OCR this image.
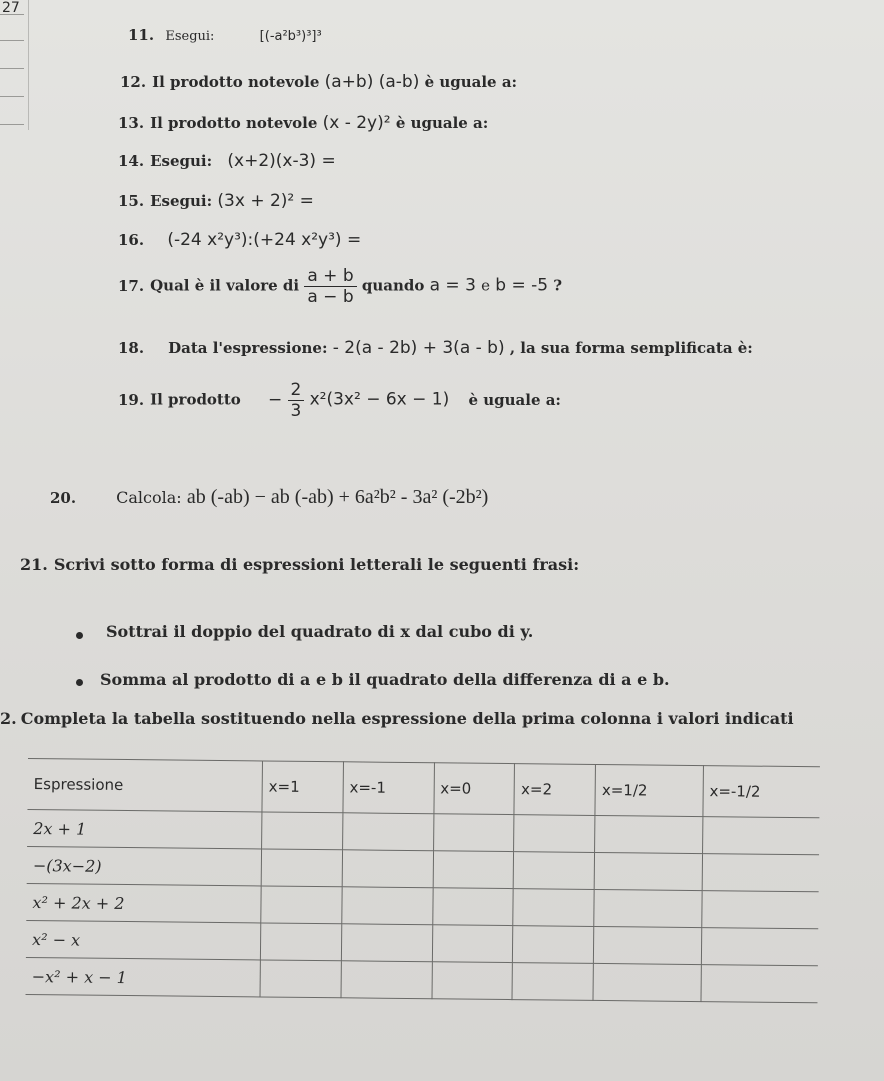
27
11. Esegui:	[(-a²b³)³]³
12. Il prodotto notevole (a+b) (a-b) è uguale a:
13. Il prodotto notevole (x - 2y)² è uguale a:
14. Esegui: (x+2)(x-3) =
15. Esegui: (3x + 2)² =
16. (-24 x²y³):(+24 x²y³) =
17. Qual è il valore di $\frac{a + b}{a - b}$ quando a = 3 e b = -5 ?
18. Data l'espressione: - 2(a - 2b) + 3(a - b) , la sua forma semplificata è:
19. Il prodotto − $\frac{2}{3} x^2(3x^2 - 6x - 1)$ è uguale a:
20.	Calcola: ab (-ab) − ab (-ab) + 6a²b² - 3a² (-2b²)
21. Scrivi sotto forma di espressioni letterali le seguenti frasi:
Sottrai il doppio del quadrato di x dal cubo di y.
Somma al prodotto di a e b il quadrato della differenza di a e b.
2. Completa la tabella sostituendo nella espressione della prima colonna i valori indicati
Espressione	x=1	x=-1	x=0	x=2	x=1/2	x=-1/2
2x + 1						
−(3x−2)						
x² + 2x + 2						
x² − x						
−x² + x − 1						
